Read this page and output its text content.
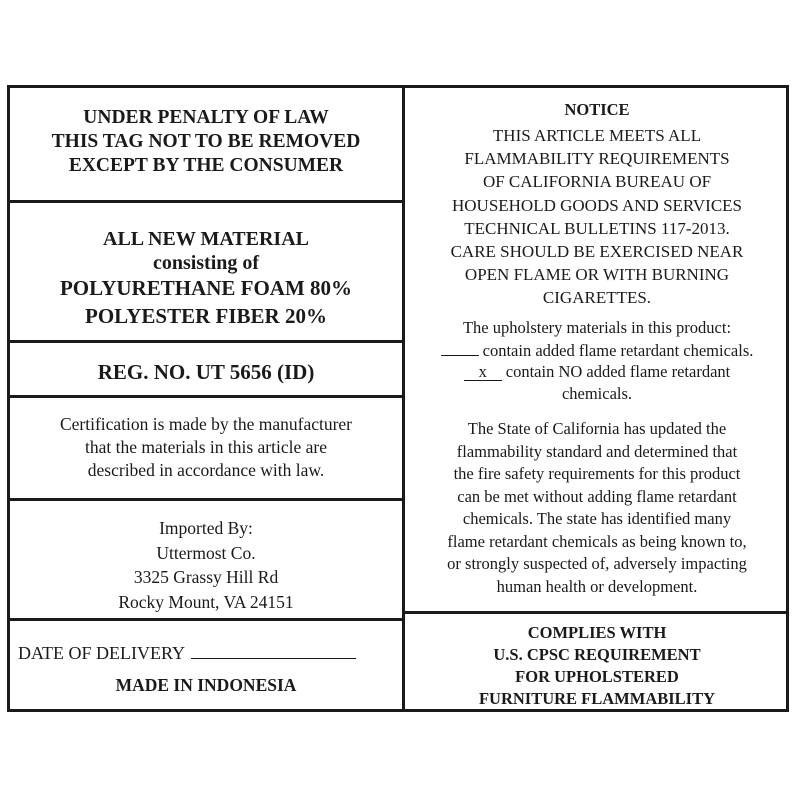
UNDER PENALTY OF LAW
THIS TAG NOT TO BE REMOVED
EXCEPT BY THE CONSUMER
ALL NEW MATERIAL
consisting of
POLYURETHANE FOAM 80%
POLYESTER FIBER 20%
REG. NO. UT 5656 (ID)
Certification is made by the manufacturer
that the materials in this article are
described in accordance with law.
Imported By:
Uttermost Co.
3325 Grassy Hill Rd
Rocky Mount, VA 24151
DATE OF DELIVERY
MADE IN INDONESIA
NOTICE
THIS ARTICLE MEETS ALL
FLAMMABILITY REQUIREMENTS
OF CALIFORNIA BUREAU OF
HOUSEHOLD GOODS AND SERVICES
TECHNICAL BULLETINS 117-2013.
CARE SHOULD BE EXERCISED NEAR
OPEN FLAME OR WITH BURNING
CIGARETTES.
The upholstery materials in this product:
contain added flame retardant chemicals.
x contain NO added flame retardant
chemicals.
The State of California has updated the
flammability standard and determined that
the fire safety requirements for this product
can be met without adding flame retardant
chemicals. The state has identified many
flame retardant chemicals as being known to,
or strongly suspected of, adversely impacting
human health or development.
COMPLIES WITH
U.S. CPSC REQUIREMENT
FOR UPHOLSTERED
FURNITURE FLAMMABILITY
